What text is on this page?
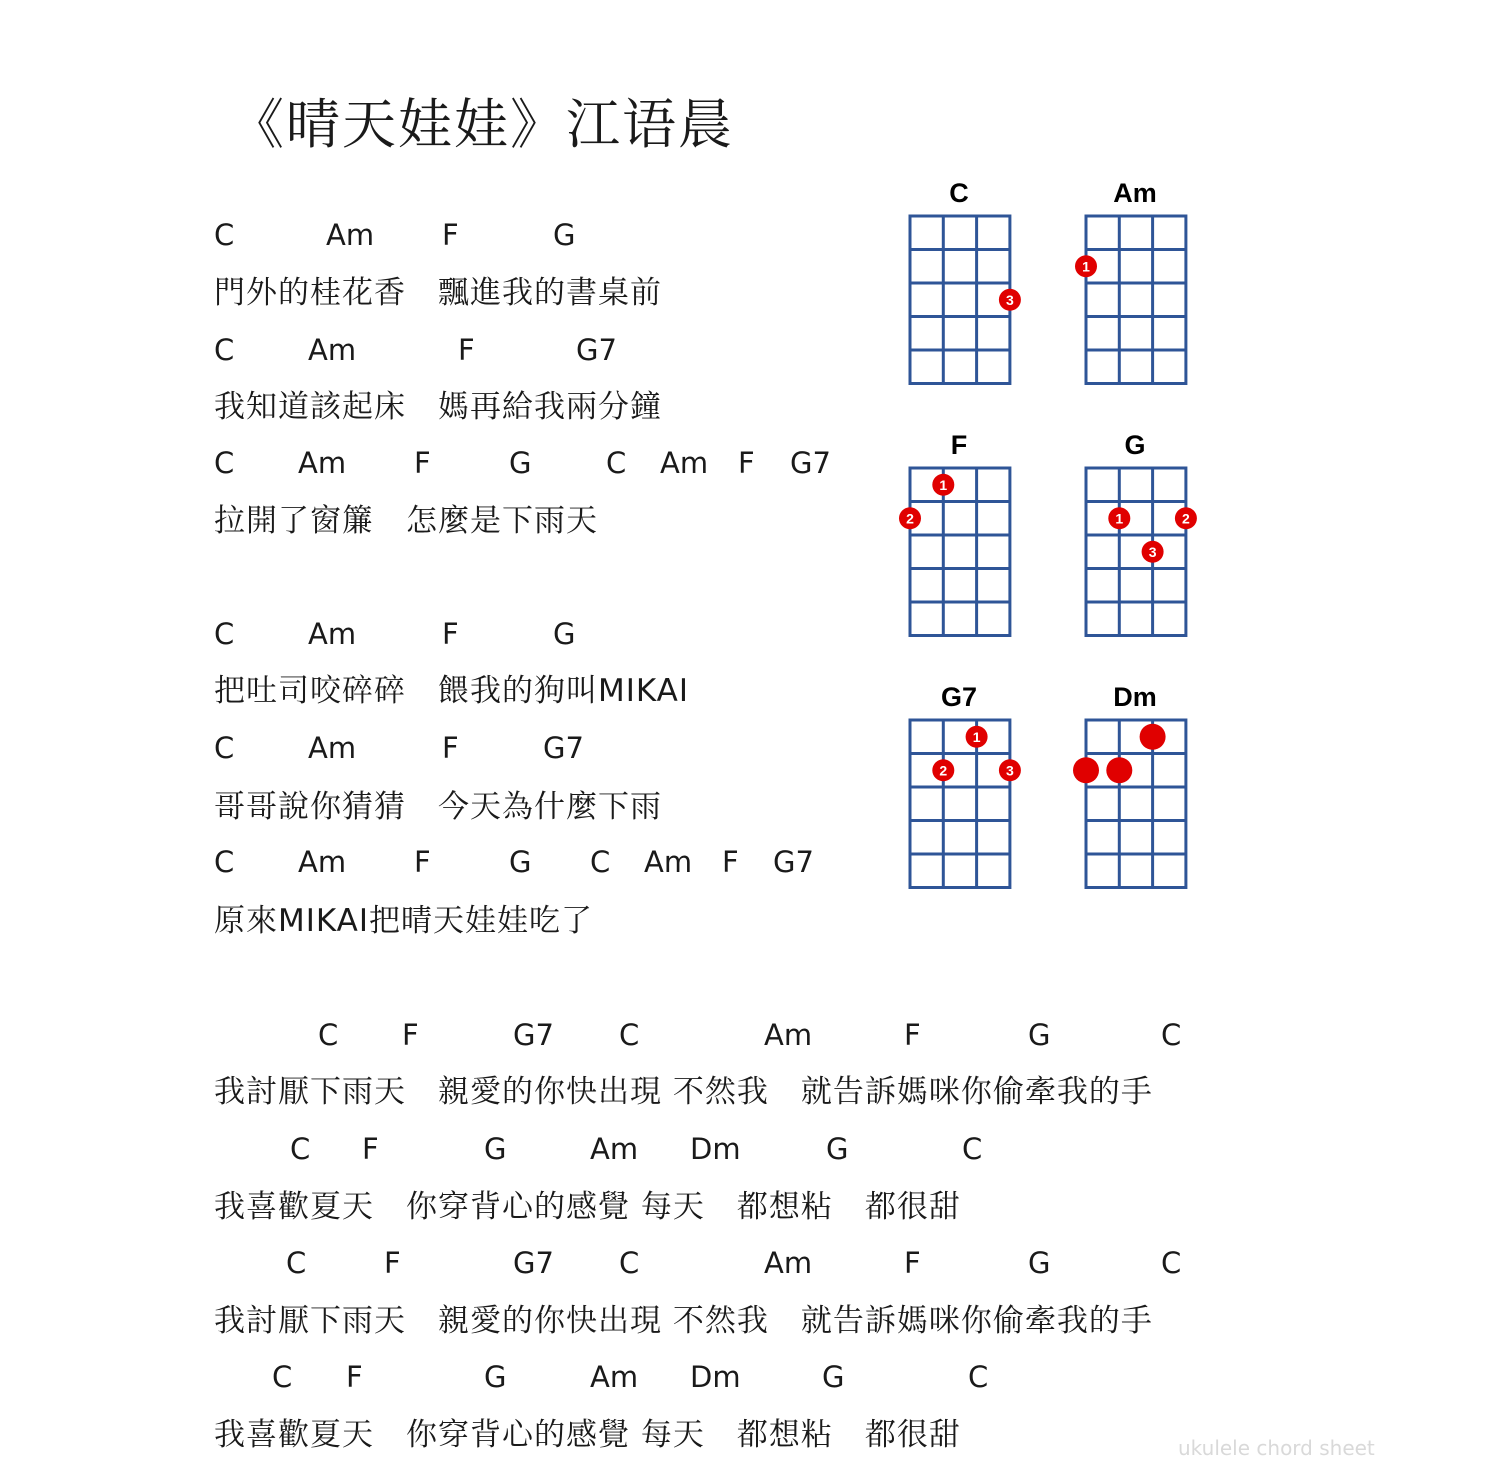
《晴天娃娃》江语晨
C	Am F	G
門外的桂花香　飄進我的書桌前
C	Am	F	G7
我知道該起床　媽再給我兩分鐘
C Am F	G	C Am F G7
拉開了窗簾　怎麼是下雨天
C	Am	F	G
把吐司咬碎碎　餵我的狗叫MIKAI
C	Am	F	G7
哥哥說你猜猜　今天為什麼下雨
C Am F	G C Am F G7
原來MIKAI把晴天娃娃吃了
C F	G7 C	Am	F	G	C
我討厭下雨天　親愛的你快出現 不然我　就告訴媽咪你偷牽我的手
C F	G	Am Dm	G	C
我喜歡夏天　你穿背心的感覺 每天　都想粘　都很甜
C	F	G7 C	Am	F	G	C
我討厭下雨天　親愛的你快出現 不然我　就告訴媽咪你偷牽我的手
C F	G	Am Dm	G	C
我喜歡夏天　你穿背心的感覺 每天　都想粘　都很甜
3
C
1
Am
1
2
F
1	2
3
G
1
2	3
G7	Dm
ukulele chord sheet
